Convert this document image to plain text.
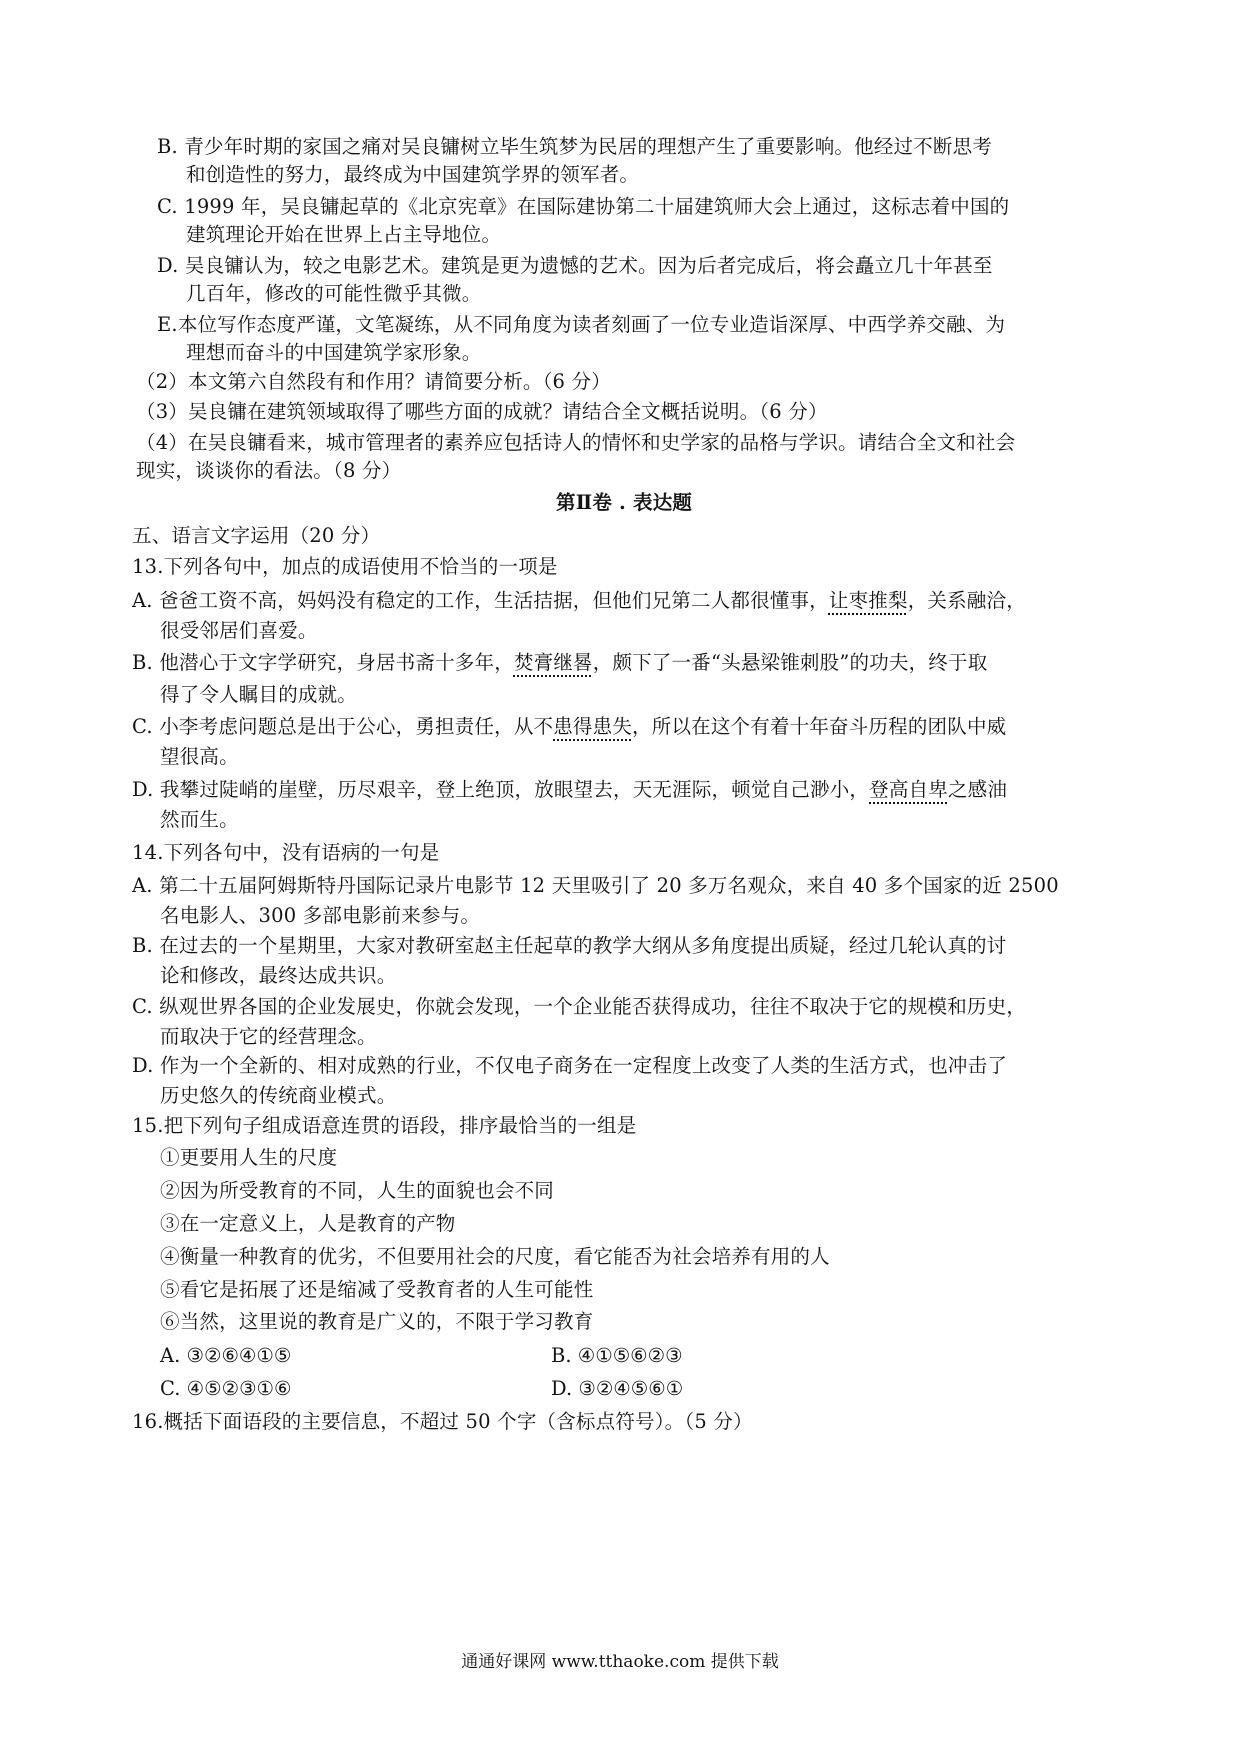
B. 青少年时期的家国之痛对吴良镛树立毕生筑梦为民居的理想产生了重要影响。他经过不断思考
和创造性的努力，最终成为中国建筑学界的领军者。
C. 1999 年，吴良镛起草的《北京宪章》在国际建协第二十届建筑师大会上通过，这标志着中国的
建筑理论开始在世界上占主导地位。
D. 吴良镛认为，较之电影艺术。建筑是更为遗憾的艺术。因为后者完成后，将会矗立几十年甚至
几百年，修改的可能性微乎其微。
E.本位写作态度严谨，文笔凝练，从不同角度为读者刻画了一位专业造诣深厚、中西学养交融、为
理想而奋斗的中国建筑学家形象。
（2）本文第六自然段有和作用？请简要分析。（6 分）
（3）吴良镛在建筑领域取得了哪些方面的成就？请结合全文概括说明。（6 分）
（4）在吴良镛看来，城市管理者的素养应包括诗人的情怀和史学家的品格与学识。请结合全文和社会
现实，谈谈你的看法。（8 分）
第Ⅱ卷 . 表达题
五、语言文字运用（20 分）
13.下列各句中，加点的成语使用不恰当的一项是
A. 爸爸工资不高，妈妈没有稳定的工作，生活拮据，但他们兄第二人都很懂事，让枣推梨，关系融洽，
很受邻居们喜爱。
B. 他潜心于文字学研究，身居书斋十多年，焚膏继晷，颇下了一番“头悬梁锥刺股”的功夫，终于取
得了令人瞩目的成就。
C. 小李考虑问题总是出于公心，勇担责任，从不患得患失，所以在这个有着十年奋斗历程的团队中威
望很高。
D. 我攀过陡峭的崖壁，历尽艰辛，登上绝顶，放眼望去，天无涯际，顿觉自己渺小，登高自卑之感油
然而生。
14.下列各句中，没有语病的一句是
A. 第二十五届阿姆斯特丹国际记录片电影节 12 天里吸引了 20 多万名观众，来自 40 多个国家的近 2500
名电影人、300 多部电影前来参与。
B. 在过去的一个星期里，大家对教研室赵主任起草的教学大纲从多角度提出质疑，经过几轮认真的讨
论和修改，最终达成共识。
C. 纵观世界各国的企业发展史，你就会发现，一个企业能否获得成功，往往不取决于它的规模和历史，
而取决于它的经营理念。
D. 作为一个全新的、相对成熟的行业，不仅电子商务在一定程度上改变了人类的生活方式，也冲击了
历史悠久的传统商业模式。
15.把下列句子组成语意连贯的语段，排序最恰当的一组是
①更要用人生的尺度
②因为所受教育的不同，人生的面貌也会不同
③在一定意义上，人是教育的产物
④衡量一种教育的优劣，不但要用社会的尺度，看它能否为社会培养有用的人
⑤看它是拓展了还是缩减了受教育者的人生可能性
⑥当然，这里说的教育是广义的，不限于学习教育
A. ③②⑥④①⑤	B. ④①⑤⑥②③
C. ④⑤②③①⑥	D. ③②④⑤⑥①
16.概括下面语段的主要信息，不超过 50 个字（含标点符号）。（5 分）
通通好课网 www.tthaoke.com 提供下载
